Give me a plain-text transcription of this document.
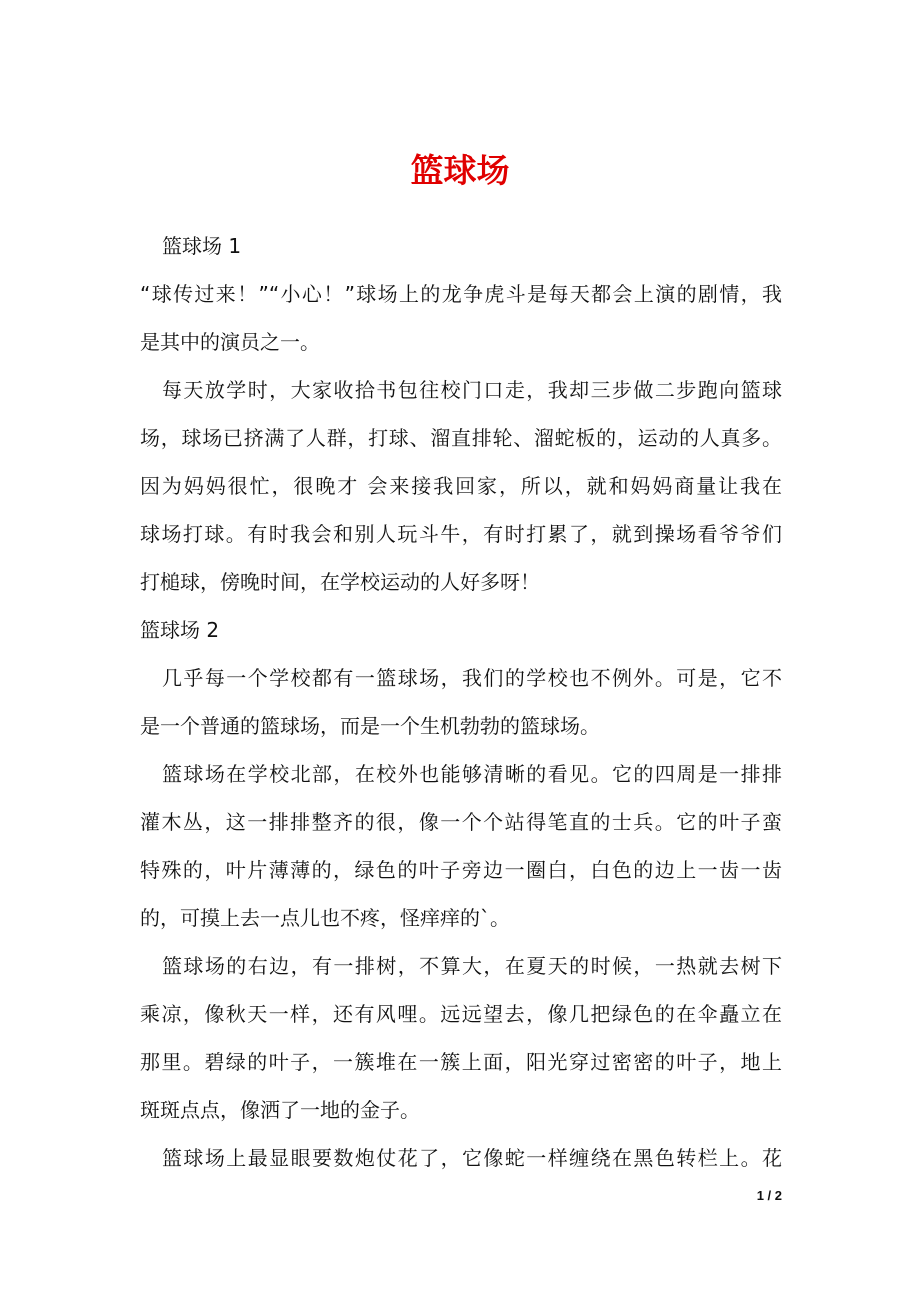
篮球场
篮球场 1
“球传过来！”“小心！”球场上的龙争虎斗是每天都会上演的剧情，我
是其中的演员之一。
每天放学时，大家收拾书包往校门口走，我却三步做二步跑向篮球
场，球场已挤满了人群，打球、溜直排轮、溜蛇板的，运动的人真多。
因为妈妈很忙，很晚才 会来接我回家，所以，就和妈妈商量让我在
球场打球。有时我会和别人玩斗牛，有时打累了，就到操场看爷爷们
打槌球，傍晚时间，在学校运动的人好多呀！
篮球场 2
几乎每一个学校都有一篮球场，我们的学校也不例外。可是，它不
是一个普通的篮球场，而是一个生机勃勃的篮球场。
篮球场在学校北部，在校外也能够清晰的看见。它的四周是一排排
灌木丛，这一排排整齐的很，像一个个站得笔直的士兵。它的叶子蛮
特殊的，叶片薄薄的，绿色的叶子旁边一圈白，白色的边上一齿一齿
的，可摸上去一点儿也不疼，怪痒痒的`。
篮球场的右边，有一排树，不算大，在夏天的时候，一热就去树下
乘凉，像秋天一样，还有风哩。远远望去，像几把绿色的在伞矗立在
那里。碧绿的叶子，一簇堆在一簇上面，阳光穿过密密的叶子，地上
斑斑点点，像洒了一地的金子。
篮球场上最显眼要数炮仗花了，它像蛇一样缠绕在黑色转栏上。花
1 / 2
